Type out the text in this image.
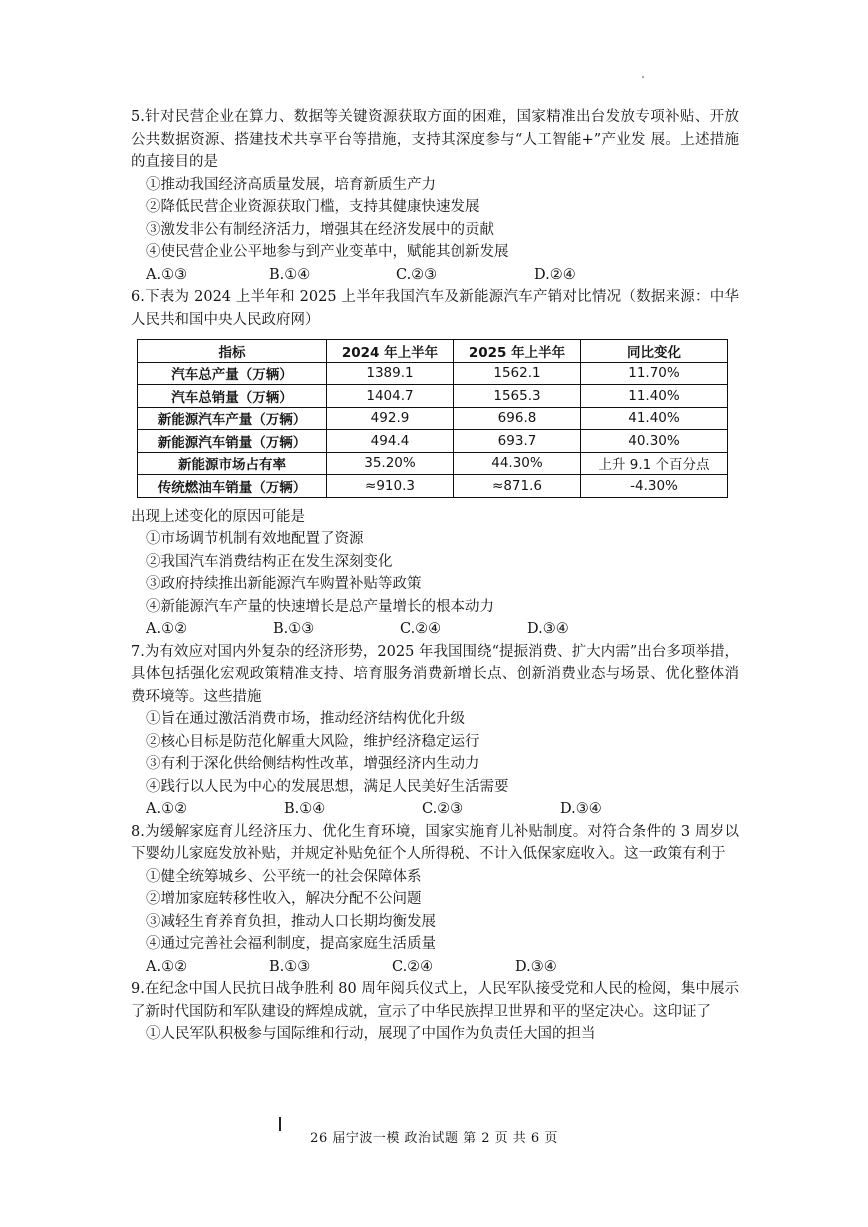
5.针对民营企业在算力、数据等关键资源获取方面的困难，国家精准出台发放专项补贴、开放公共数据资源、搭建技术共享平台等措施，支持其深度参与“人工智能+”产业发 展。上述措施的直接目的是

①推动我国经济高质量发展，培育新质生产力

②降低民营企业资源获取门槛，支持其健康快速发展

③激发非公有制经济活力，增强其在经济发展中的贡献

④使民营企业公平地参与到产业变革中，赋能其创新发展

A.①③	B.①④	C.②③	D.②④

6.下表为 2024 上半年和 2025 上半年我国汽车及新能源汽车产销对比情况（数据来源：中华人民共和国中央人民政府网）

指标	2024 年上半年	2025 年上半年	同比变化
汽车总产量（万辆）	1389.1	1562.1	11.70%
汽车总销量（万辆）	1404.7	1565.3	11.40%
新能源汽车产量（万辆）	492.9	696.8	41.40%
新能源汽车销量（万辆）	494.4	693.7	40.30%
新能源市场占有率	35.20%	44.30%	上升 9.1 个百分点
传统燃油车销量（万辆）	≈910.3	≈871.6	-4.30%

出现上述变化的原因可能是

①市场调节机制有效地配置了资源

②我国汽车消费结构正在发生深刻变化

③政府持续推出新能源汽车购置补贴等政策

④新能源汽车产量的快速增长是总产量增长的根本动力

A.①②	B.①③	C.②④	D.③④

7.为有效应对国内外复杂的经济形势，2025 年我国围绕“提振消费、扩大内需”出台多项举措，具体包括强化宏观政策精准支持、培育服务消费新增长点、创新消费业态与场景、优化整体消费环境等。这些措施

①旨在通过激活消费市场，推动经济结构优化升级

②核心目标是防范化解重大风险，维护经济稳定运行

③有利于深化供给侧结构性改革，增强经济内生动力

④践行以人民为中心的发展思想，满足人民美好生活需要

A.①②	B.①④	C.②③	D.③④

8.为缓解家庭育儿经济压力、优化生育环境，国家实施育儿补贴制度。对符合条件的 3 周岁以下婴幼儿家庭发放补贴，并规定补贴免征个人所得税、不计入低保家庭收入。这一政策有利于

①健全统筹城乡、公平统一的社会保障体系

②增加家庭转移性收入，解决分配不公问题

③减轻生育养育负担，推动人口长期均衡发展

④通过完善社会福利制度，提高家庭生活质量

A.①②	B.①③	C.②④	D.③④

9.在纪念中国人民抗日战争胜利 80 周年阅兵仪式上，人民军队接受党和人民的检阅，集中展示了新时代国防和军队建设的辉煌成就，宣示了中华民族捍卫世界和平的坚定决心。这印证了

①人民军队积极参与国际维和行动，展现了中国作为负责任大国的担当

26 届宁波一模 政治试题 第 2 页 共 6 页
